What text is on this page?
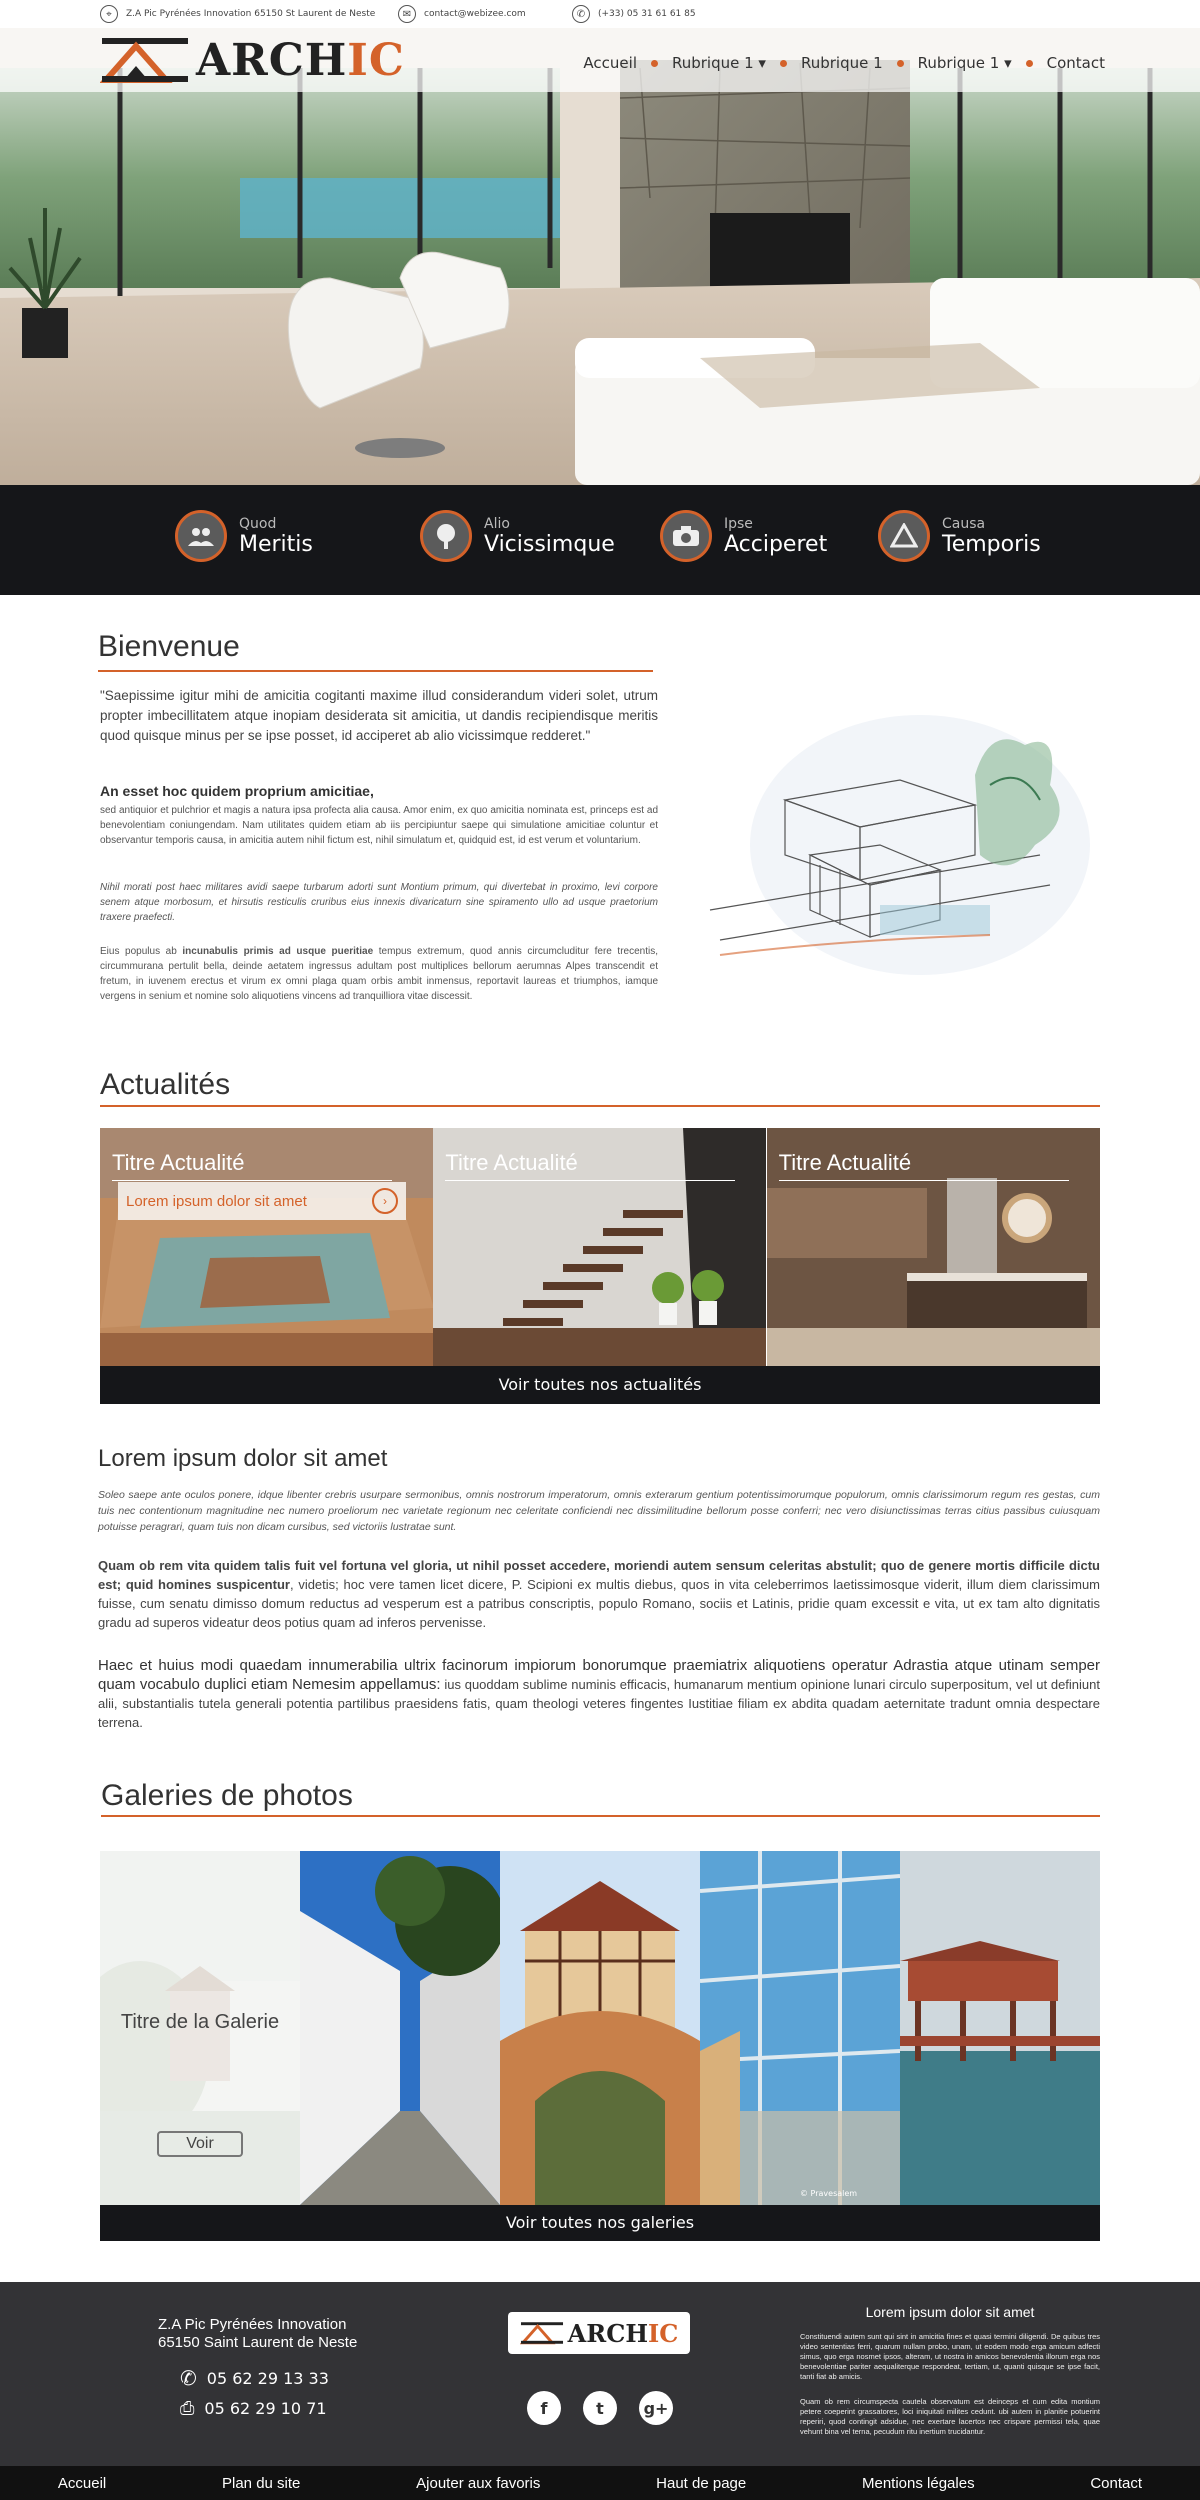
⌖	Z.A Pic Pyrénées Innovation 65150 St Laurent de Neste	✉	contact@webizee.com	✆	(+33) 05 31 61 61 85
ARCHIC	Accueil Rubrique 1 ▾ Rubrique 1 Rubrique 1 ▾ Contact
Quod
Meritis
Alio
Vicissimque
Ipse
Acciperet
Causa
Temporis
Bienvenue

"Saepissime igitur mihi de amicitia cogitanti maxime illud considerandum videri solet, utrum propter imbecillitatem atque inopiam desiderata sit amicitia, ut dandis recipiendisque meritis quod quisque minus per se ipse posset, id acciperet ab alio vicissimque redderet."

An esset hoc quidem proprium amicitiae,

sed antiquior et pulchrior et magis a natura ipsa profecta alia causa. Amor enim, ex quo amicitia nominata est, princeps est ad benevolentiam coniungendam. Nam utilitates quidem etiam ab iis percipiuntur saepe qui simulatione amicitiae coluntur et observantur temporis causa, in amicitia autem nihil fictum est, nihil simulatum et, quidquid est, id est verum et voluntarium.

Nihil morati post haec militares avidi saepe turbarum adorti sunt Montium primum, qui divertebat in proximo, levi corpore senem atque morbosum, et hirsutis resticulis cruribus eius innexis divaricaturn sine spiramento ullo ad usque praetorium traxere praefecti.

Eius populus ab incunabulis primis ad usque pueritiae tempus extremum, quod annis circumcluditur fere trecentis, circummurana pertulit bella, deinde aetatem ingressus adultam post multiplices bellorum aerumnas Alpes transcendit et fretum, in iuvenem erectus et virum ex omni plaga quam orbis ambit inmensus, reportavit laureas et triumphos, iamque vergens in senium et nomine solo aliquotiens vincens ad tranquilliora vitae discessit.

Actualités
Titre Actualité
Lorem ipsum dolor sit amet	›
Titre Actualité	Titre Actualité
Voir toutes nos actualités
Lorem ipsum dolor sit amet

Soleo saepe ante oculos ponere, idque libenter crebris usurpare sermonibus, omnis nostrorum imperatorum, omnis exterarum gentium potentissimorumque populorum, omnis clarissimorum regum res gestas, cum tuis nec contentionum magnitudine nec numero proeliorum nec varietate regionum nec celeritate conficiendi nec dissimilitudine bellorum posse conferri; nec vero disiunctissimas terras citius passibus cuiusquam potuisse peragrari, quam tuis non dicam cursibus, sed victoriis lustratae sunt.

Quam ob rem vita quidem talis fuit vel fortuna vel gloria, ut nihil posset accedere, moriendi autem sensum celeritas abstulit; quo de genere mortis difficile dictu est; quid homines suspicentur, videtis; hoc vere tamen licet dicere, P. Scipioni ex multis diebus, quos in vita celeberrimos laetissimosque viderit, illum diem clarissimum fuisse, cum senatu dimisso domum reductus ad vesperum est a patribus conscriptis, populo Romano, sociis et Latinis, pridie quam excessit e vita, ut ex tam alto dignitatis gradu ad superos videatur deos potius quam ad inferos pervenisse.

Haec et huius modi quaedam innumerabilia ultrix facinorum impiorum bonorumque praemiatrix aliquotiens operatur Adrastia atque utinam semper quam vocabulo duplici etiam Nemesim appellamus: ius quoddam sublime numinis efficacis, humanarum mentium opinione lunari circulo superpositum, vel ut definiunt alii, substantialis tutela generali potentia partilibus praesidens fatis, quam theologi veteres fingentes Iustitiae filiam ex abdita quadam aeternitate tradunt omnia despectare terrena.

Galeries de photos
Titre de la Galerie
Voir
© Pravesalem
Voir toutes nos galeries
Z.A Pic Pyrénées Innovation
65150 Saint Laurent de Neste
✆ 05 62 29 13 33
⎙ 05 62 29 10 71
ARCHIC
f	t	g+
Lorem ipsum dolor sit amet

Constituendi autem sunt qui sint in amicitia fines et quasi termini diligendi. De quibus tres video sententias ferri, quarum nullam probo, unam, ut eodem modo erga amicum adfecti simus, quo erga nosmet ipsos, alteram, ut nostra in amicos benevolentia illorum erga nos benevolentiae pariter aequaliterque respondeat, tertiam, ut, quanti quisque se ipse facit, tanti fiat ab amicis.

Quam ob rem circumspecta cautela observatum est deinceps et cum edita montium petere coeperint grassatores, loci iniquitati milites cedunt. ubi autem in planitie potuerint reperiri, quod contingit adsidue, nec exertare lacertos nec crispare permissi tela, quae vehunt bina vel terna, pecudum ritu inertium trucidantur.

Accueil	Plan du site	Ajouter aux favoris	Haut de page	Mentions légales	Contact
